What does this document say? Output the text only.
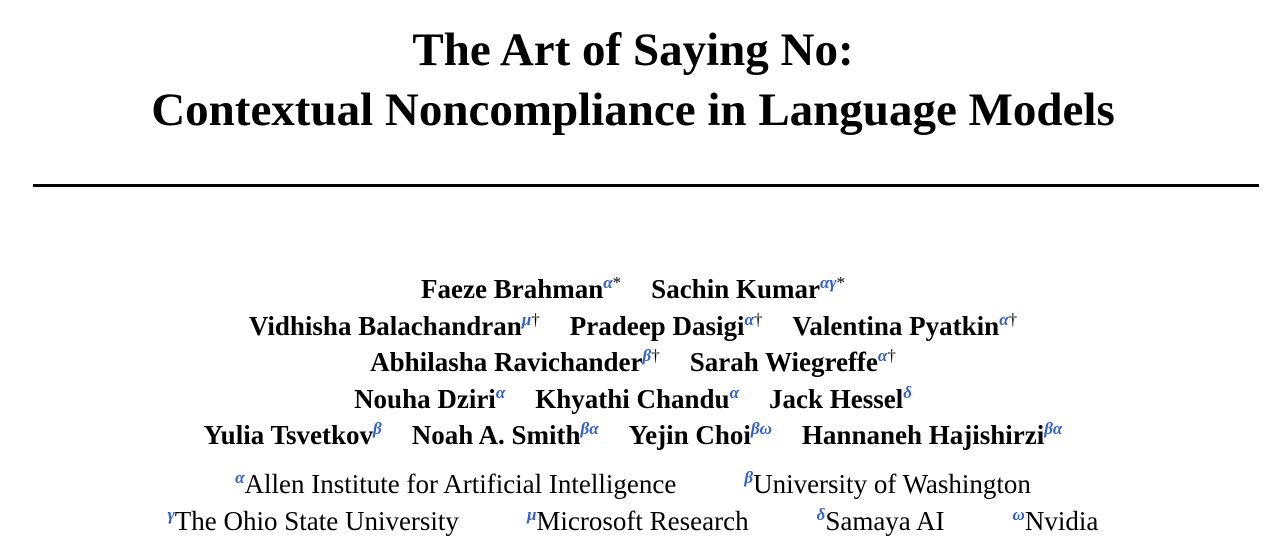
The Art of Saying No:
Contextual Noncompliance in Language Models
Faeze Brahman$^{\alpha*}$ Sachin Kumar$^{\alpha\gamma*}$
Vidhisha Balachandran$^{\mu\dagger}$ Pradeep Dasigi$^{\alpha\dagger}$ Valentina Pyatkin$^{\alpha\dagger}$
Abhilasha Ravichander$^{\beta\dagger}$ Sarah Wiegreffe$^{\alpha\dagger}$
Nouha Dziri$^\alpha$ Khyathi Chandu$^\alpha$ Jack Hessel$^\delta$
Yulia Tsvetkov$^\beta$ Noah A. Smith$^{\beta\alpha}$ Yejin Choi$^{\beta\omega}$ Hannaneh Hajishirzi$^{\beta\alpha}$
$^\alpha$Allen Institute for Artificial Intelligence	$^\beta$University of Washington
$^\gamma$The Ohio State University	$^\mu$Microsoft Research	$^\delta$Samaya AI	$^\omega$Nvidia
